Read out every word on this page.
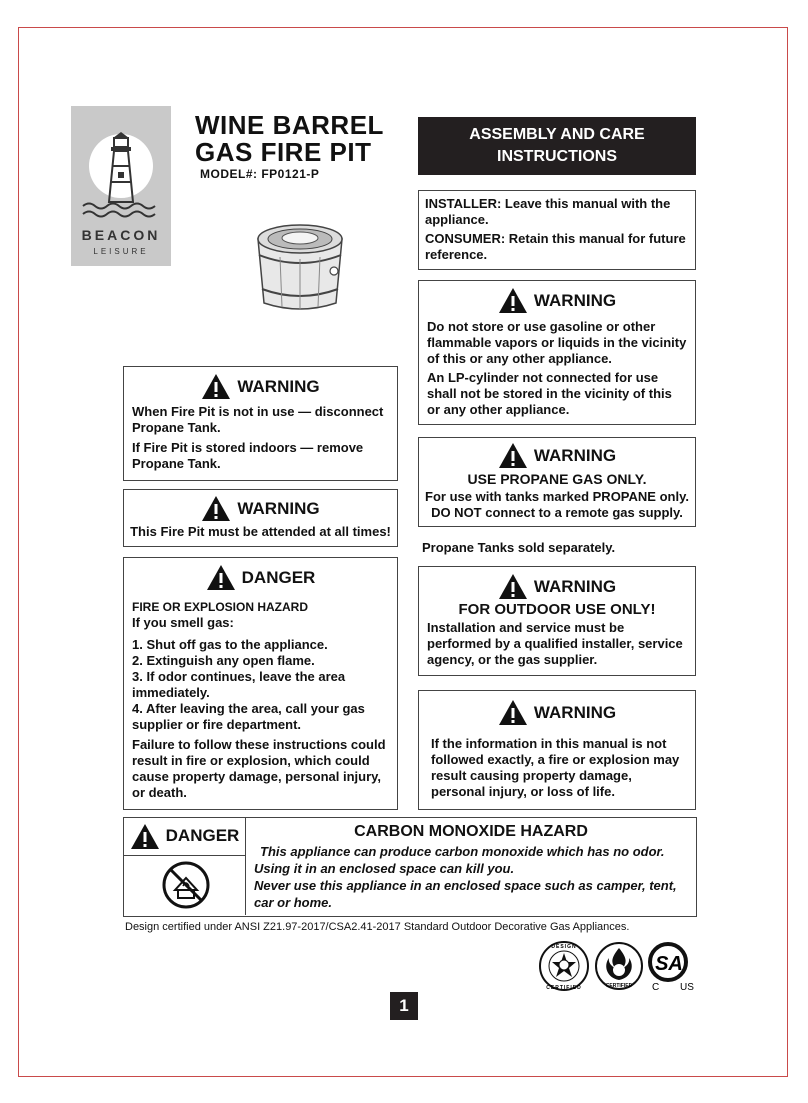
BEACON
LEISURE
WINE BARREL
GAS FIRE PIT
MODEL#: FP0121-P
ASSEMBLY AND CARE
INSTRUCTIONS

INSTALLER: Leave this manual with the appliance.

CONSUMER: Retain this manual for future reference.

WARNING

Do not store or use gasoline or other flammable vapors or liquids in the vicinity of this or any other appliance.

An LP-cylinder not connected for use shall not be stored in the vicinity of this or any other appliance.

WARNING

When Fire Pit is not in use — disconnect Propane Tank.

If Fire Pit is stored indoors — remove Propane Tank.	WARNING

USE PROPANE GAS ONLY.

For use with tanks marked PROPANE only.

DO NOT connect to a remote gas supply.

WARNING

This Fire Pit must be attended at all times!

Propane Tanks sold separately.
DANGER

FIRE OR EXPLOSION HAZARD

If you smell gas:

1. Shut off gas to the appliance.

2. Extinguish any open flame.

3. If odor continues, leave the area immediately.

4. After leaving the area, call your gas supplier or fire department.

Failure to follow these instructions could result in fire or explosion, which could cause property damage, personal injury, or death.

WARNING

FOR OUTDOOR USE ONLY!

Installation and service must be performed by a qualified installer, service agency, or the gas supplier.

WARNING

If the information in this manual is not followed exactly, a fire or explosion may result causing property damage, personal injury, or loss of life.

DANGER	CARBON MONOXIDE HAZARD

This appliance can produce carbon monoxide which has no odor.

Using it in an enclosed space can kill you.

Never use this appliance in an enclosed space such as camper, tent, car or home.

Design certified under ANSI Z21.97-2017/CSA2.41-2017 Standard Outdoor Decorative Gas Appliances.
DESIGN
CERTIFIED	CERTIFIED
SA
C US
1
